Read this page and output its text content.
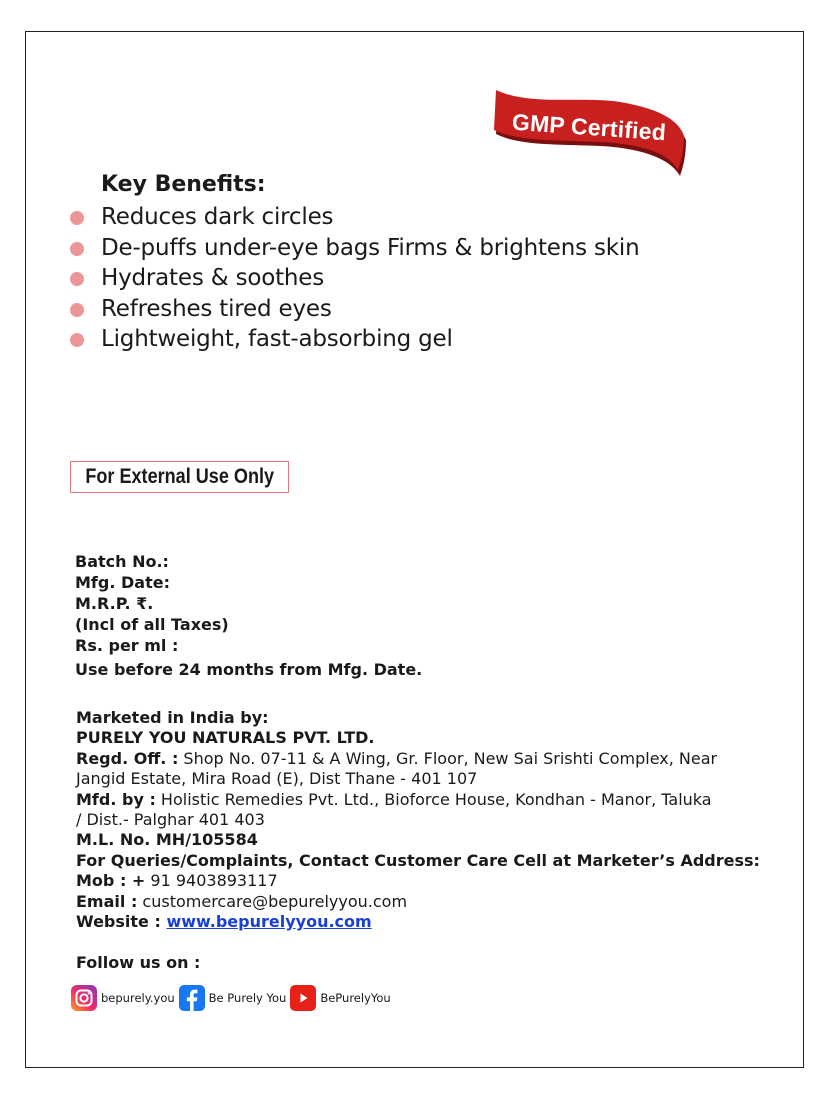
GMP Certified
Key Benefits:
Reduces dark circles
De-puffs under-eye bags Firms & brightens skin
Hydrates & soothes
Refreshes tired eyes
Lightweight, fast-absorbing gel
For External Use Only
Batch No.:
Mfg. Date:
M.R.P. ₹.
(Incl of all Taxes)
Rs. per ml :
Use before 24 months from Mfg. Date.
Marketed in India by:
PURELY YOU NATURALS PVT. LTD.
Regd. Off. : Shop No. 07-11 & A Wing, Gr. Floor, New Sai Srishti Complex, Near
Jangid Estate, Mira Road (E), Dist Thane - 401 107
Mfd. by : Holistic Remedies Pvt. Ltd., Bioforce House, Kondhan - Manor, Taluka
/ Dist.- Palghar 401 403
M.L. No. MH/105584
For Queries/Complaints, Contact Customer Care Cell at Marketer’s Address:
Mob : + 91 9403893117
Email : customercare@bepurelyyou.com
Website : www.bepurelyyou.com
Follow us on :
bepurely.you	Be Purely You	BePurelyYou
